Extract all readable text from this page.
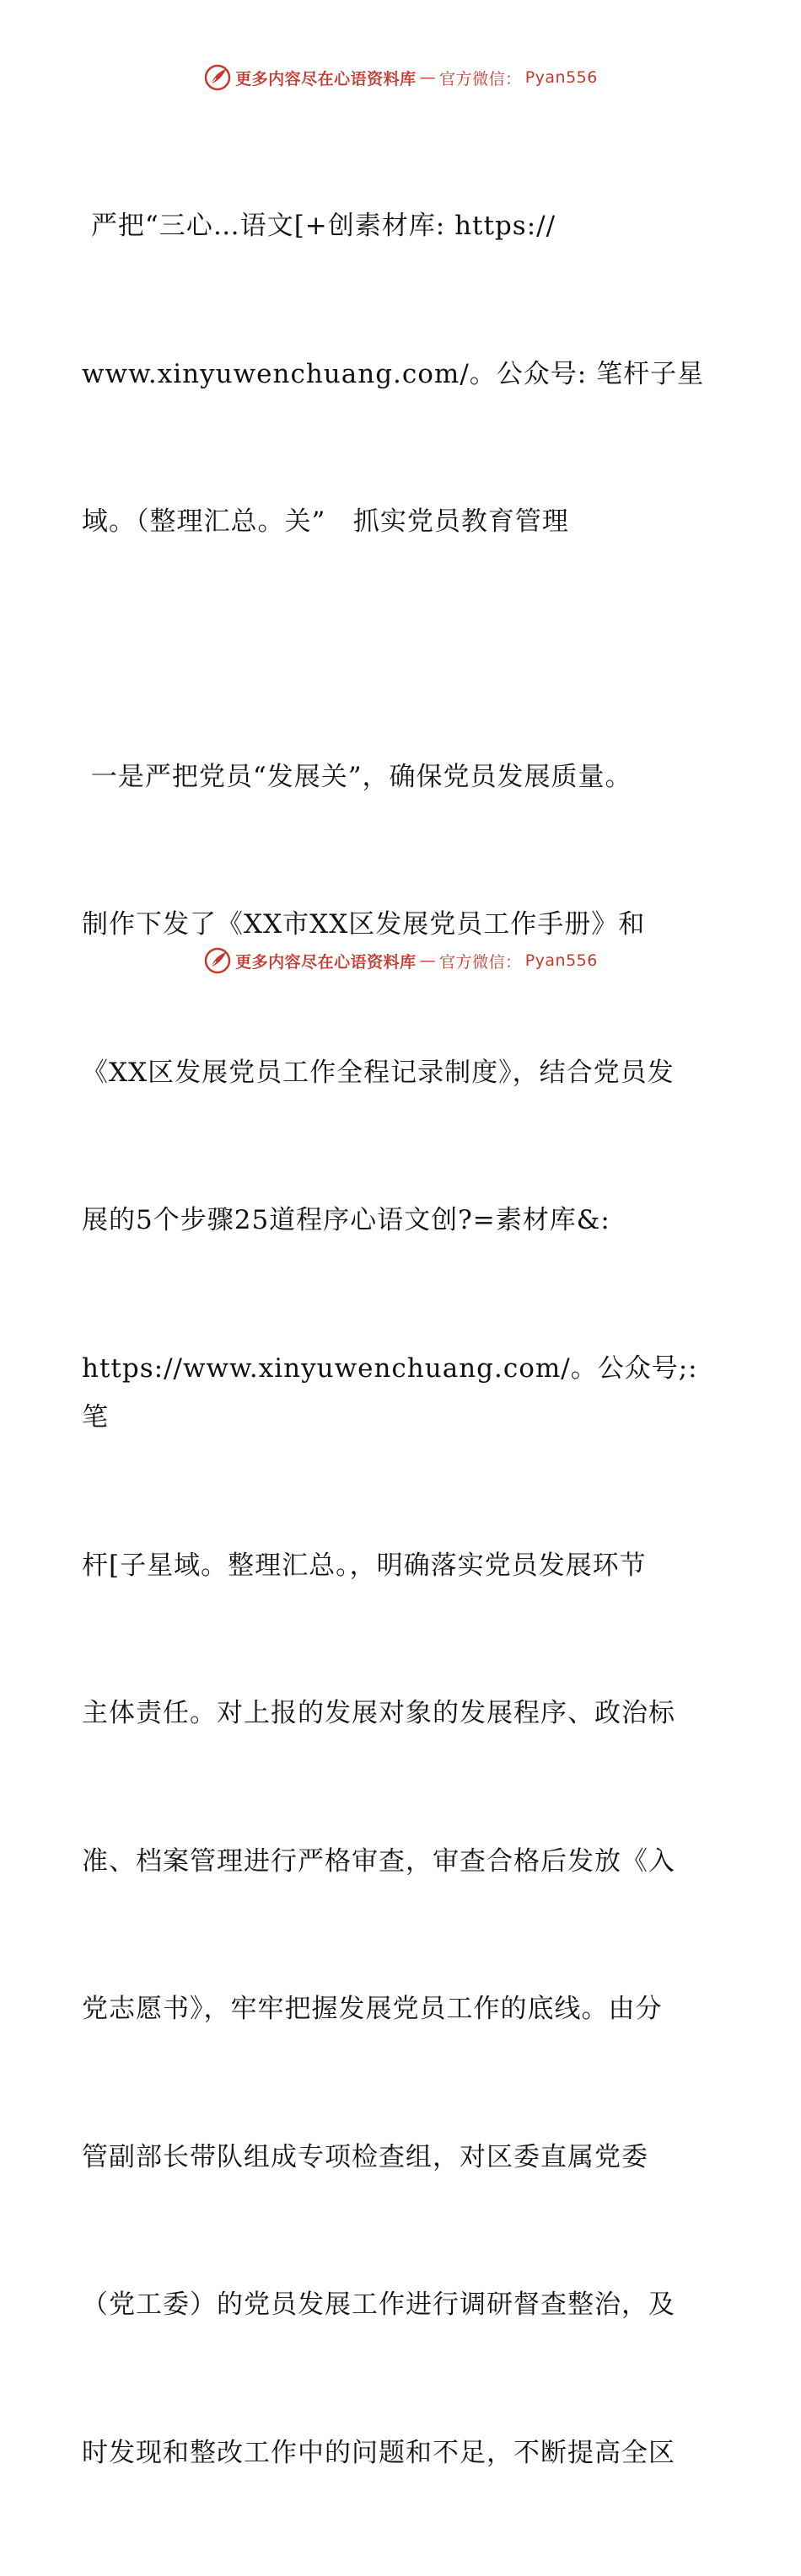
更多内容尽在心语资料库 — 官方微信： Pyan556

严把“三心…语文[+创素材库: https://

www.xinyuwenchuang.com/。公众号: 笔杆子星

域。（整理汇总。关”   抓实党员教育管理

一是严把党员“发展关”，确保党员发展质量。

制作下发了《XX市XX区发展党员工作手册》和

《XX区发展党员工作全程记录制度》，结合党员发

展的5个步骤25道程序心语文创?=素材库&:

https://www.xinyuwenchuang.com/。公众号;: 笔

杆[子星域。整理汇总。，明确落实党员发展环节

主体责任。对上报的发展对象的发展程序、政治标

准、档案管理进行严格审查，审查合格后发放《入

党志愿书》，牢牢把握发展党员工作的底线。由分

管副部长带队组成专项检查组，对区委直属党委

（党工委）的党员发展工作进行调研督查整治，及

时发现和整改工作中的问题和不足，不断提高全区

更多内容尽在心语资料库 — 官方微信： Pyan556
